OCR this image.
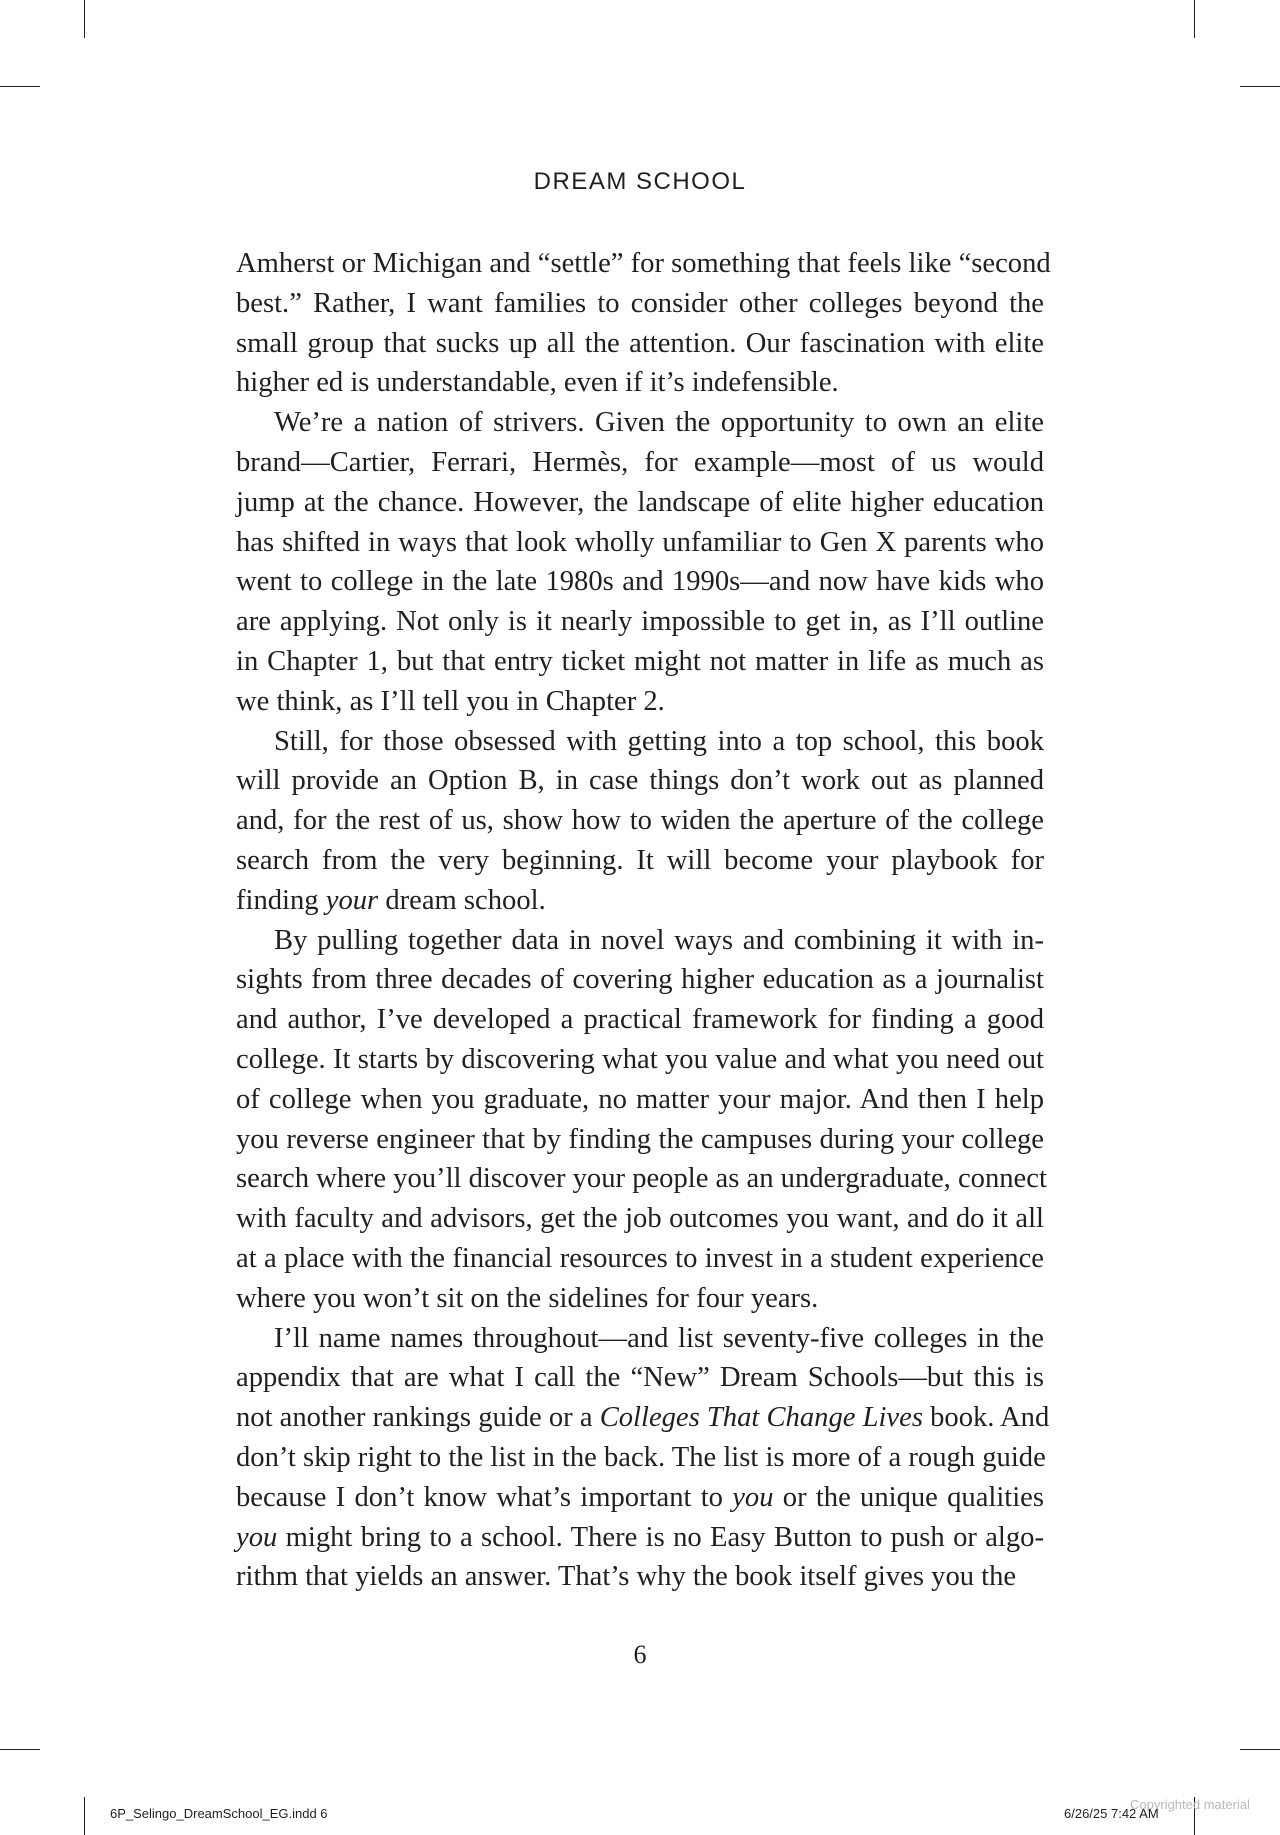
DREAM SCHOOL
Amherst or Michigan and “settle” for something that feels like “second
best.” Rather, I want families to consider other colleges beyond the
small group that sucks up all the attention. Our fascination with elite
higher ed is understandable, even if it’s indefensible.
We’re a nation of strivers. Given the opportunity to own an elite
brand—Cartier, Ferrari, Hermès, for example—most of us would
jump at the chance. However, the landscape of elite higher education
has shifted in ways that look wholly unfamiliar to Gen X parents who
went to college in the late 1980s and 1990s—and now have kids who
are applying. Not only is it nearly impossible to get in, as I’ll outline
in Chapter 1, but that entry ticket might not matter in life as much as
we think, as I’ll tell you in Chapter 2.
Still, for those obsessed with getting into a top school, this book
will provide an Option B, in case things don’t work out as planned
and, for the rest of us, show how to widen the aperture of the college
search from the very beginning. It will become your playbook for
finding your dream school.
By pulling together data in novel ways and combining it with in-
sights from three decades of covering higher education as a journalist
and author, I’ve developed a practical framework for finding a good
college. It starts by discovering what you value and what you need out
of college when you graduate, no matter your major. And then I help
you reverse engineer that by finding the campuses during your college
search where you’ll discover your people as an undergraduate, connect
with faculty and advisors, get the job outcomes you want, and do it all
at a place with the financial resources to invest in a student experience
where you won’t sit on the sidelines for four years.
I’ll name names throughout—and list seventy-five colleges in the
appendix that are what I call the “New” Dream Schools—but this is
not another rankings guide or a Colleges That Change Lives book. And
don’t skip right to the list in the back. The list is more of a rough guide
because I don’t know what’s important to you or the unique qualities
you might bring to a school. There is no Easy Button to push or algo-
rithm that yields an answer. That’s why the book itself gives you the
6
Copyrighted material
6P_Selingo_DreamSchool_EG.indd 6	6/26/25 7:42 AM
